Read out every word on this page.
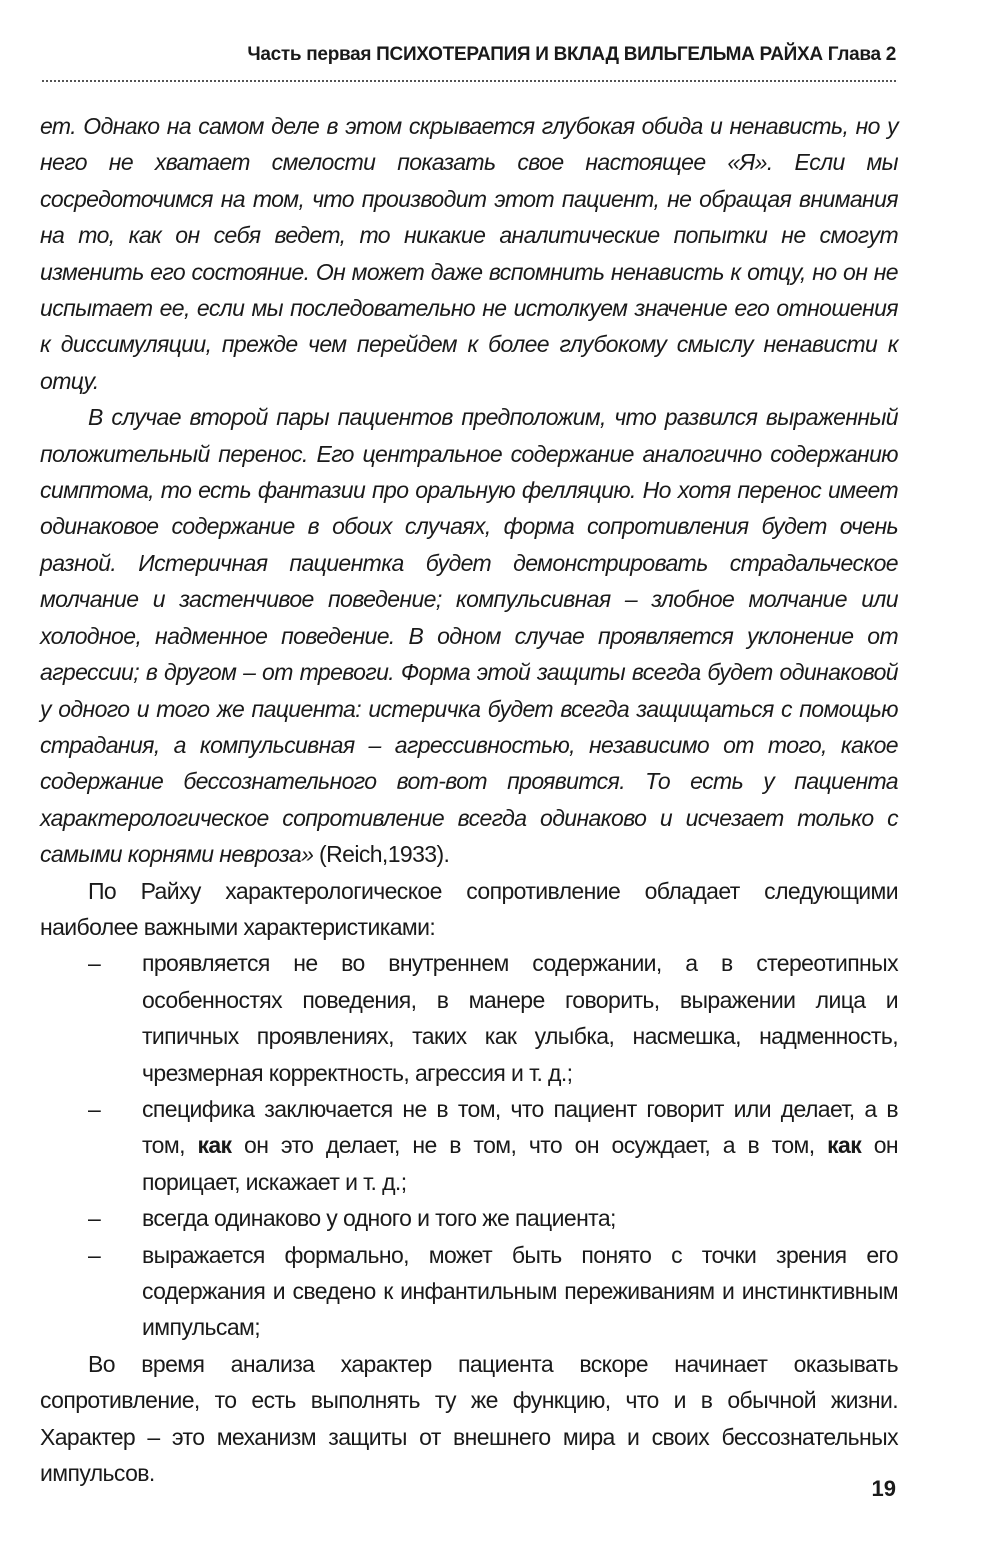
Часть первая ПСИХОТЕРАПИЯ И ВКЛАД ВИЛЬГЕЛЬМА РАЙХА Глава 2

ет. Однако на самом деле в этом скрывается глубокая обида и ненависть, но у него не хватает смелости показать свое настоящее «Я». Если мы сосредоточимся на том, что производит этот пациент, не обращая внимания на то, как он себя ведет, то никакие аналитические попытки не смогут изменить его состояние. Он может даже вспомнить ненависть к отцу, но он не испытает ее, если мы последовательно не истолкуем значение его отношения к диссимуляции, прежде чем перейдем к более глубокому смыслу ненависти к отцу.

В случае второй пары пациентов предположим, что развился выраженный положительный перенос. Его центральное содержание аналогично содержанию симптома, то есть фантазии про оральную фелляцию. Но хотя перенос имеет одинаковое содержание в обоих случаях, форма сопротивления будет очень разной. Истеричная пациентка будет демонстрировать страдальческое молчание и застенчивое поведение; компульсивная – злобное молчание или холодное, надменное поведение. В одном случае проявляется уклонение от агрессии; в другом – от тревоги. Форма этой защиты всегда будет одинаковой у одного и того же пациента: истеричка будет всегда защищаться с помощью страдания, а компульсивная – агрессивностью, независимо от того, какое содержание бессознательного вот-вот проявится. То есть у пациента характерологическое сопротивление всегда одинаково и исчезает только с самыми корнями невроза» (Reich,1933).

По Райху характерологическое сопротивление обладает следующими наиболее важными характеристиками:

– проявляется не во внутреннем содержании, а в стереотипных особенностях поведения, в манере говорить, выражении лица и типичных проявлениях, таких как улыбка, насмешка, надменность, чрезмерная корректность, агрессия и т. д.;
– специфика заключается не в том, что пациент говорит или делает, а в том, как он это делает, не в том, что он осуждает, а в том, как он порицает, искажает и т. д.;
– всегда одинаково у одного и того же пациента;
– выражается формально, может быть понято с точки зрения его содержания и сведено к инфантильным переживаниям и инстинктивным импульсам;

Во время анализа характер пациента вскоре начинает оказывать сопротивление, то есть выполнять ту же функцию, что и в обычной жизни. Характер – это механизм защиты от внешнего мира и своих бессознательных импульсов.

19
